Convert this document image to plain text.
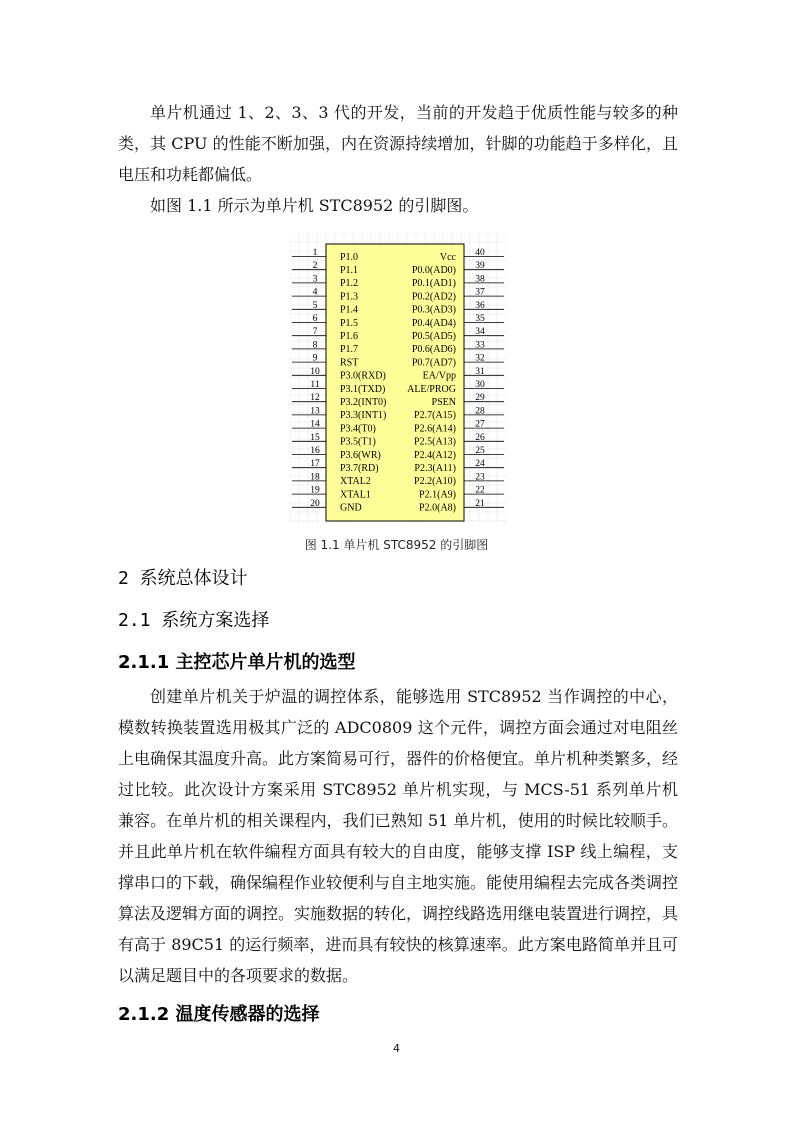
单片机通过 1、2、3、3 代的开发，当前的开发趋于优质性能与较多的种类，其 CPU 的性能不断加强，内在资源持续增加，针脚的功能趋于多样化，且电压和功耗都偏低。

如图 1.1 所示为单片机 STC8952 的引脚图。

1 P1.0
2 P1.1
3 P1.2
4 P1.3
5 P1.4
6 P1.5
7 P1.6
8 P1.7
9 RST
10 P3.0(RXD)
11 P3.1(TXD)
12 P3.2(INT0)
13 P3.3(INT1)
14 P3.4(T0)
15 P3.5(T1)
16 P3.6(WR)
17 P3.7(RD)
18 XTAL2
19 XTAL1
20 GND
40
Vcc
39
P0.0(AD0)
38
P0.1(AD1)
37
P0.2(AD2)
36
P0.3(AD3)
35
P0.4(AD4)
34
P0.5(AD5)
33
P0.6(AD6)
32
P0.7(AD7)
31
EA/Vpp
30
ALE/PROG
29
PSEN
28
P2.7(A15)
27
P2.6(A14)
26
P2.5(A13)
25
P2.4(A12)
24
P2.3(A11)
23
P2.2(A10)
22
P2.1(A9)
21
P2.0(A8)

图 1.1 单片机 STC8952 的引脚图

2 系统总体设计
2.1 系统方案选择
2.1.1 主控芯片单片机的选型

创建单片机关于炉温的调控体系，能够选用 STC8952 当作调控的中心，模数转换装置选用极其广泛的 ADC0809 这个元件，调控方面会通过对电阻丝上电确保其温度升高。此方案简易可行，器件的价格便宜。单片机种类繁多，经过比较。此次设计方案采用 STC8952 单片机实现，与 MCS-51 系列单片机兼容。在单片机的相关课程内，我们已熟知 51 单片机，使用的时候比较顺手。并且此单片机在软件编程方面具有较大的自由度，能够支撑 ISP 线上编程，支撑串口的下载，确保编程作业较便利与自主地实施。能使用编程去完成各类调控算法及逻辑方面的调控。实施数据的转化，调控线路选用继电装置进行调控，具有高于 89C51 的运行频率，进而具有较快的核算速率。此方案电路简单并且可以满足题目中的各项要求的数据。

2.1.2 温度传感器的选择

4
